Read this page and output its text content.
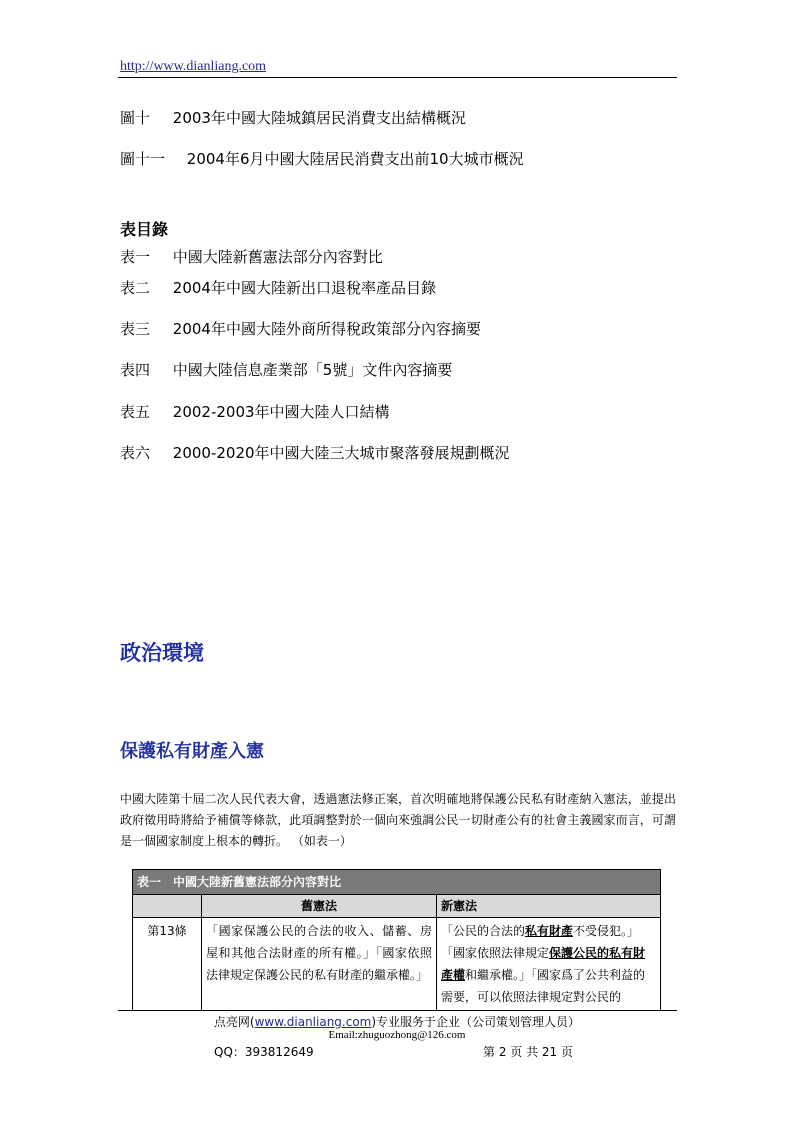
http://www.dianliang.com
圖十 2003年中國大陸城鎮居民消費支出結構概況
圖十一 2004年6月中國大陸居民消費支出前10大城市概況
表目錄
表一 中國大陸新舊憲法部分內容對比
表二 2004年中國大陸新出口退稅率產品目錄
表三 2004年中國大陸外商所得稅政策部分內容摘要
表四 中國大陸信息產業部「5號」文件內容摘要
表五 2002-2003年中國大陸人口結構
表六 2000-2020年中國大陸三大城市聚落發展規劃概況
政治環境
保護私有財產入憲
中國大陸第十屆二次人民代表大會，透過憲法修正案，首次明確地將保護公民私有財產納入憲法，並提出政府徵用時將給予補償等條款，此項調整對於一個向來強調公民一切財產公有的社會主義國家而言，可謂是一個國家制度上根本的轉折。 （如表一）
表一　中國大陸新舊憲法部分內容對比		
	舊憲法	新憲法
第13條	「國家保護公民的合法的收入、儲蓄、房屋和其他合法財產的所有權。」「國家依照法律規定保護公民的私有財產的繼承權。」	「公民的合法的私有財產不受侵犯。」「國家依照法律規定保護公民的私有財產權和繼承權。」「國家爲了公共利益的需要，可以依照法律規定對公民的
点亮网(www.dianliang.com)专业服务于企业（公司策划管理人员）
Email:zhuguozhong@126.com
QQ：393812649	第 2 页 共 21 页
